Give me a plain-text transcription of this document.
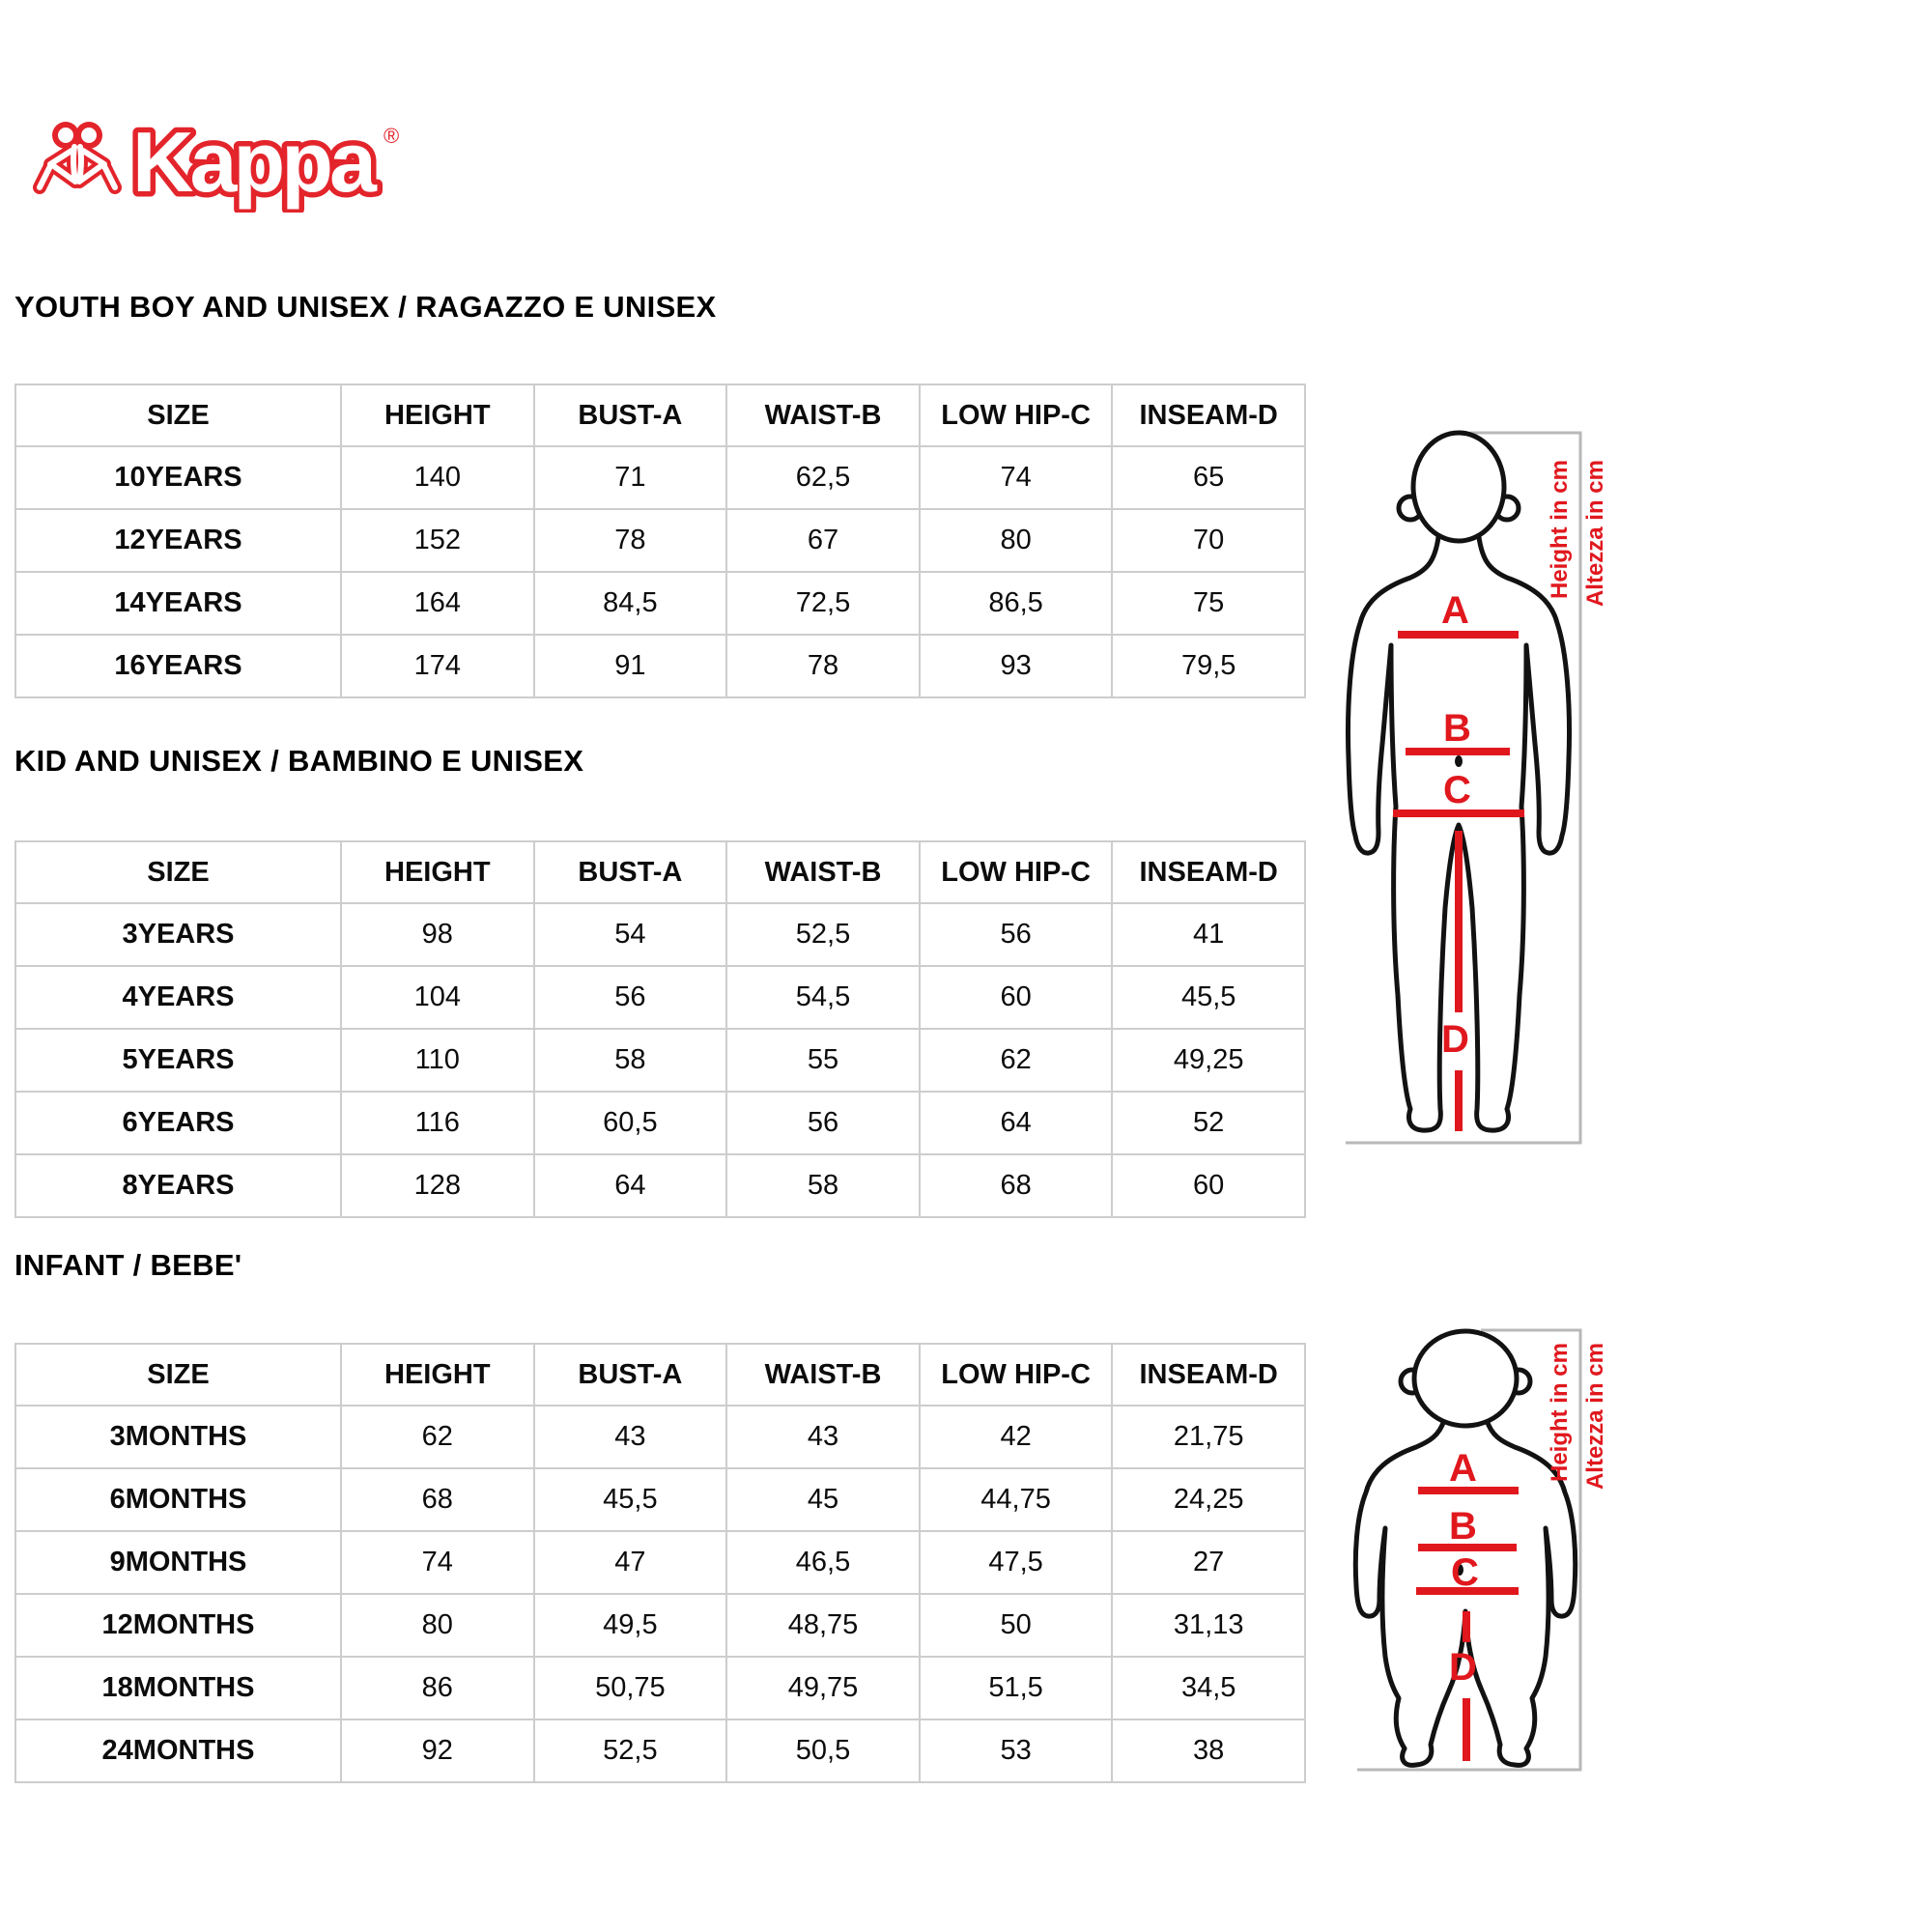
Kappa ®
YOUTH BOY AND UNISEX / RAGAZZO E UNISEX
KID AND UNISEX / BAMBINO E UNISEX
INFANT / BEBE'
SIZE	HEIGHT	BUST-A	WAIST-B	LOW HIP-C	INSEAM-D
10YEARS	140	71	62,5	74	65
12YEARS	152	78	67	80	70
14YEARS	164	84,5	72,5	86,5	75
16YEARS	174	91	78	93	79,5
SIZE	HEIGHT	BUST-A	WAIST-B	LOW HIP-C	INSEAM-D
3YEARS	98	54	52,5	56	41
4YEARS	104	56	54,5	60	45,5
5YEARS	110	58	55	62	49,25
6YEARS	116	60,5	56	64	52
8YEARS	128	64	58	68	60
SIZE	HEIGHT	BUST-A	WAIST-B	LOW HIP-C	INSEAM-D
3MONTHS	62	43	43	42	21,75
6MONTHS	68	45,5	45	44,75	24,25
9MONTHS	74	47	46,5	47,5	27
12MONTHS	80	49,5	48,75	50	31,13
18MONTHS	86	50,75	49,75	51,5	34,5
24MONTHS	92	52,5	50,5	53	38
A
B
C
D
Height in cm Altezza in cm
A
B
C
D
Height in cm Altezza in cm
